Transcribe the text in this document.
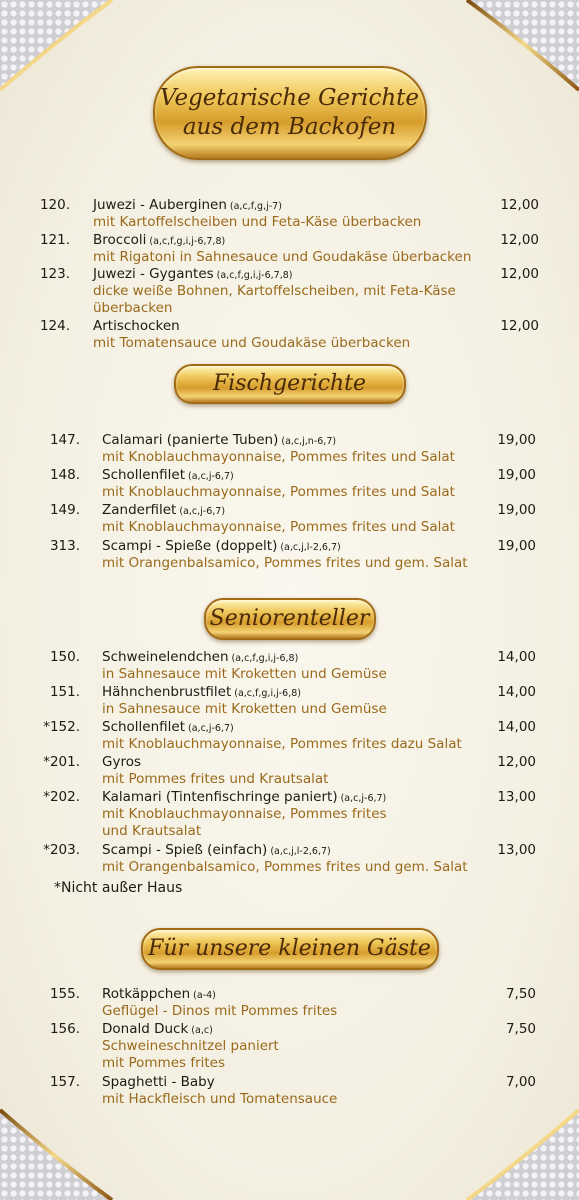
Vegetarische Gerichte
aus dem Backofen
120. Juwezi - Auberginen (a,c,f,g,j-7)
mit Kartoffelscheiben und Feta-Käse überbacken
12,00
121. Broccoli (a,c,f,g,i,j-6,7,8)
mit Rigatoni in Sahnesauce und Goudakäse überbacken
12,00
123. Juwezi - Gygantes (a,c,f,g,i,j-6,7,8)
dicke weiße Bohnen, Kartoffelscheiben, mit Feta-Käse
überbacken
12,00
124. Artischocken
mit Tomatensauce und Goudakäse überbacken
12,00
Fischgerichte
147. Calamari (panierte Tuben) (a,c,j,n-6,7)
mit Knoblauchmayonnaise, Pommes frites und Salat
19,00
148. Schollenfilet (a,c,j-6,7)
mit Knoblauchmayonnaise, Pommes frites und Salat
19,00
149. Zanderfilet (a,c,j-6,7)
mit Knoblauchmayonnaise, Pommes frites und Salat
19,00
313. Scampi - Spieße (doppelt) (a,c,j,l-2,6,7)
mit Orangenbalsamico, Pommes frites und gem. Salat
19,00
Seniorenteller
150. Schweinelendchen (a,c,f,g,i,j-6,8)
in Sahnesauce mit Kroketten und Gemüse
14,00
151. Hähnchenbrustfilet (a,c,f,g,i,j-6,8)
in Sahnesauce mit Kroketten und Gemüse
14,00
*152. Schollenfilet (a,c,j-6,7)
mit Knoblauchmayonnaise, Pommes frites dazu Salat
14,00
*201. Gyros
mit Pommes frites und Krautsalat
12,00
*202. Kalamari (Tintenfischringe paniert) (a,c,j-6,7)
mit Knoblauchmayonnaise, Pommes frites
und Krautsalat
13,00
*203. Scampi - Spieß (einfach) (a,c,j,l-2,6,7)
mit Orangenbalsamico, Pommes frites und gem. Salat
13,00
*Nicht außer Haus
Für unsere kleinen Gäste
155. Rotkäppchen (a-4)
Geflügel - Dinos mit Pommes frites
7,50
156. Donald Duck (a,c)
Schweineschnitzel paniert
mit Pommes frites
7,50
157. Spaghetti - Baby
mit Hackfleisch und Tomatensauce
7,00
